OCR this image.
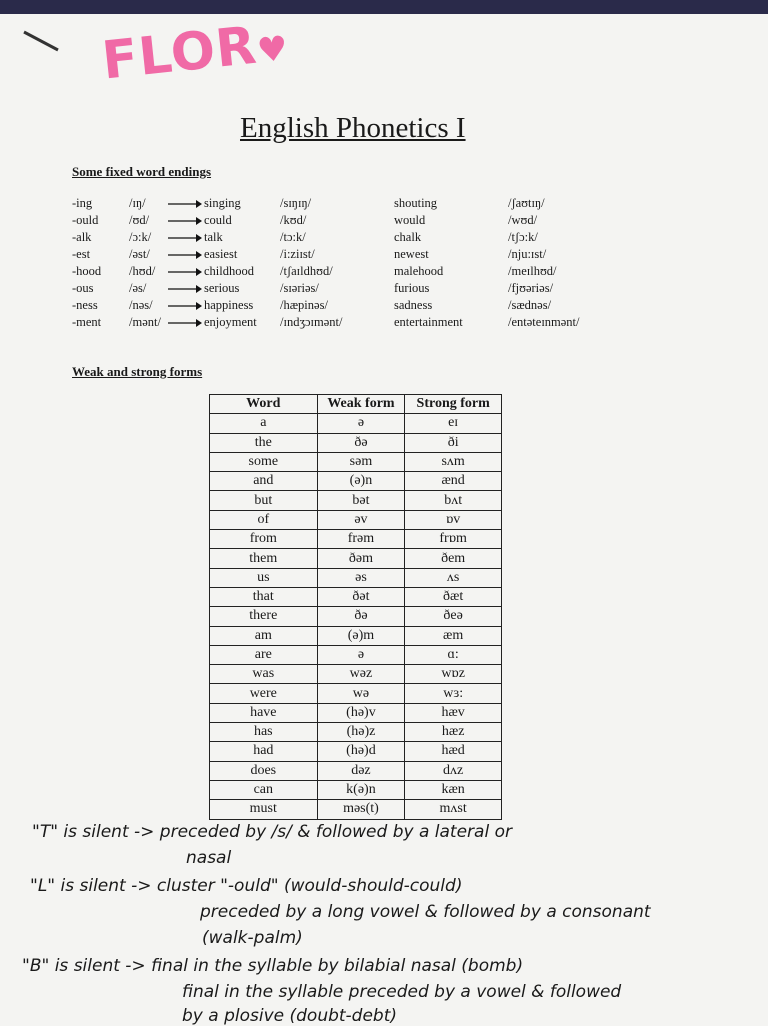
FLOR♥
English Phonetics I
Some fixed word endings
-ing	/ɪŋ/	singing	/sɪŋɪŋ/	shouting	/ʃaʊtɪŋ/
-ould /ʊd/	could	/kʊd/	would	/wʊd/
-alk	/ɔ:k/	talk	/tɔ:k/	chalk	/tʃɔ:k/
-est	/əst/	easiest	/i:ziɪst/	newest	/nju:ɪst/
-hood /hʊd/	childhood /tʃaɪldhʊd/	malehood	/meɪlhʊd/
-ous	/əs/	serious	/sɪəriəs/	furious	/fjʊəriəs/
-ness	/nəs/	happiness /hæpinəs/	sadness	/sædnəs/
-ment /mənt/	enjoyment /ɪndʒɔɪmənt/	entertainment	/entəteɪnmənt/
Weak and strong forms
Word	Weak form	Strong form
a	ə	eɪ
the	ðə	ði
some	səm	sʌm
and	(ə)n	ænd
but	bət	bʌt
of	əv	ɒv
from	frəm	frɒm
them	ðəm	ðem
us	əs	ʌs
that	ðət	ðæt
there	ðə	ðeə
am	(ə)m	æm
are	ə	ɑ:
was	wəz	wɒz
were	wə	wɜ:
have	(hə)v	hæv
has	(hə)z	hæz
had	(hə)d	hæd
does	dəz	dʌz
can	k(ə)n	kæn
must	məs(t)	mʌst
"T" is silent -> preceded by /s/ & followed by a lateral or
nasal
"L" is silent -> cluster "-ould" (would-should-could)
preceded by a long vowel & followed by a consonant
(walk-palm)
"B" is silent -> final in the syllable by bilabial nasal (bomb)
final in the syllable preceded by a vowel & followed
by a plosive (doubt-debt)
